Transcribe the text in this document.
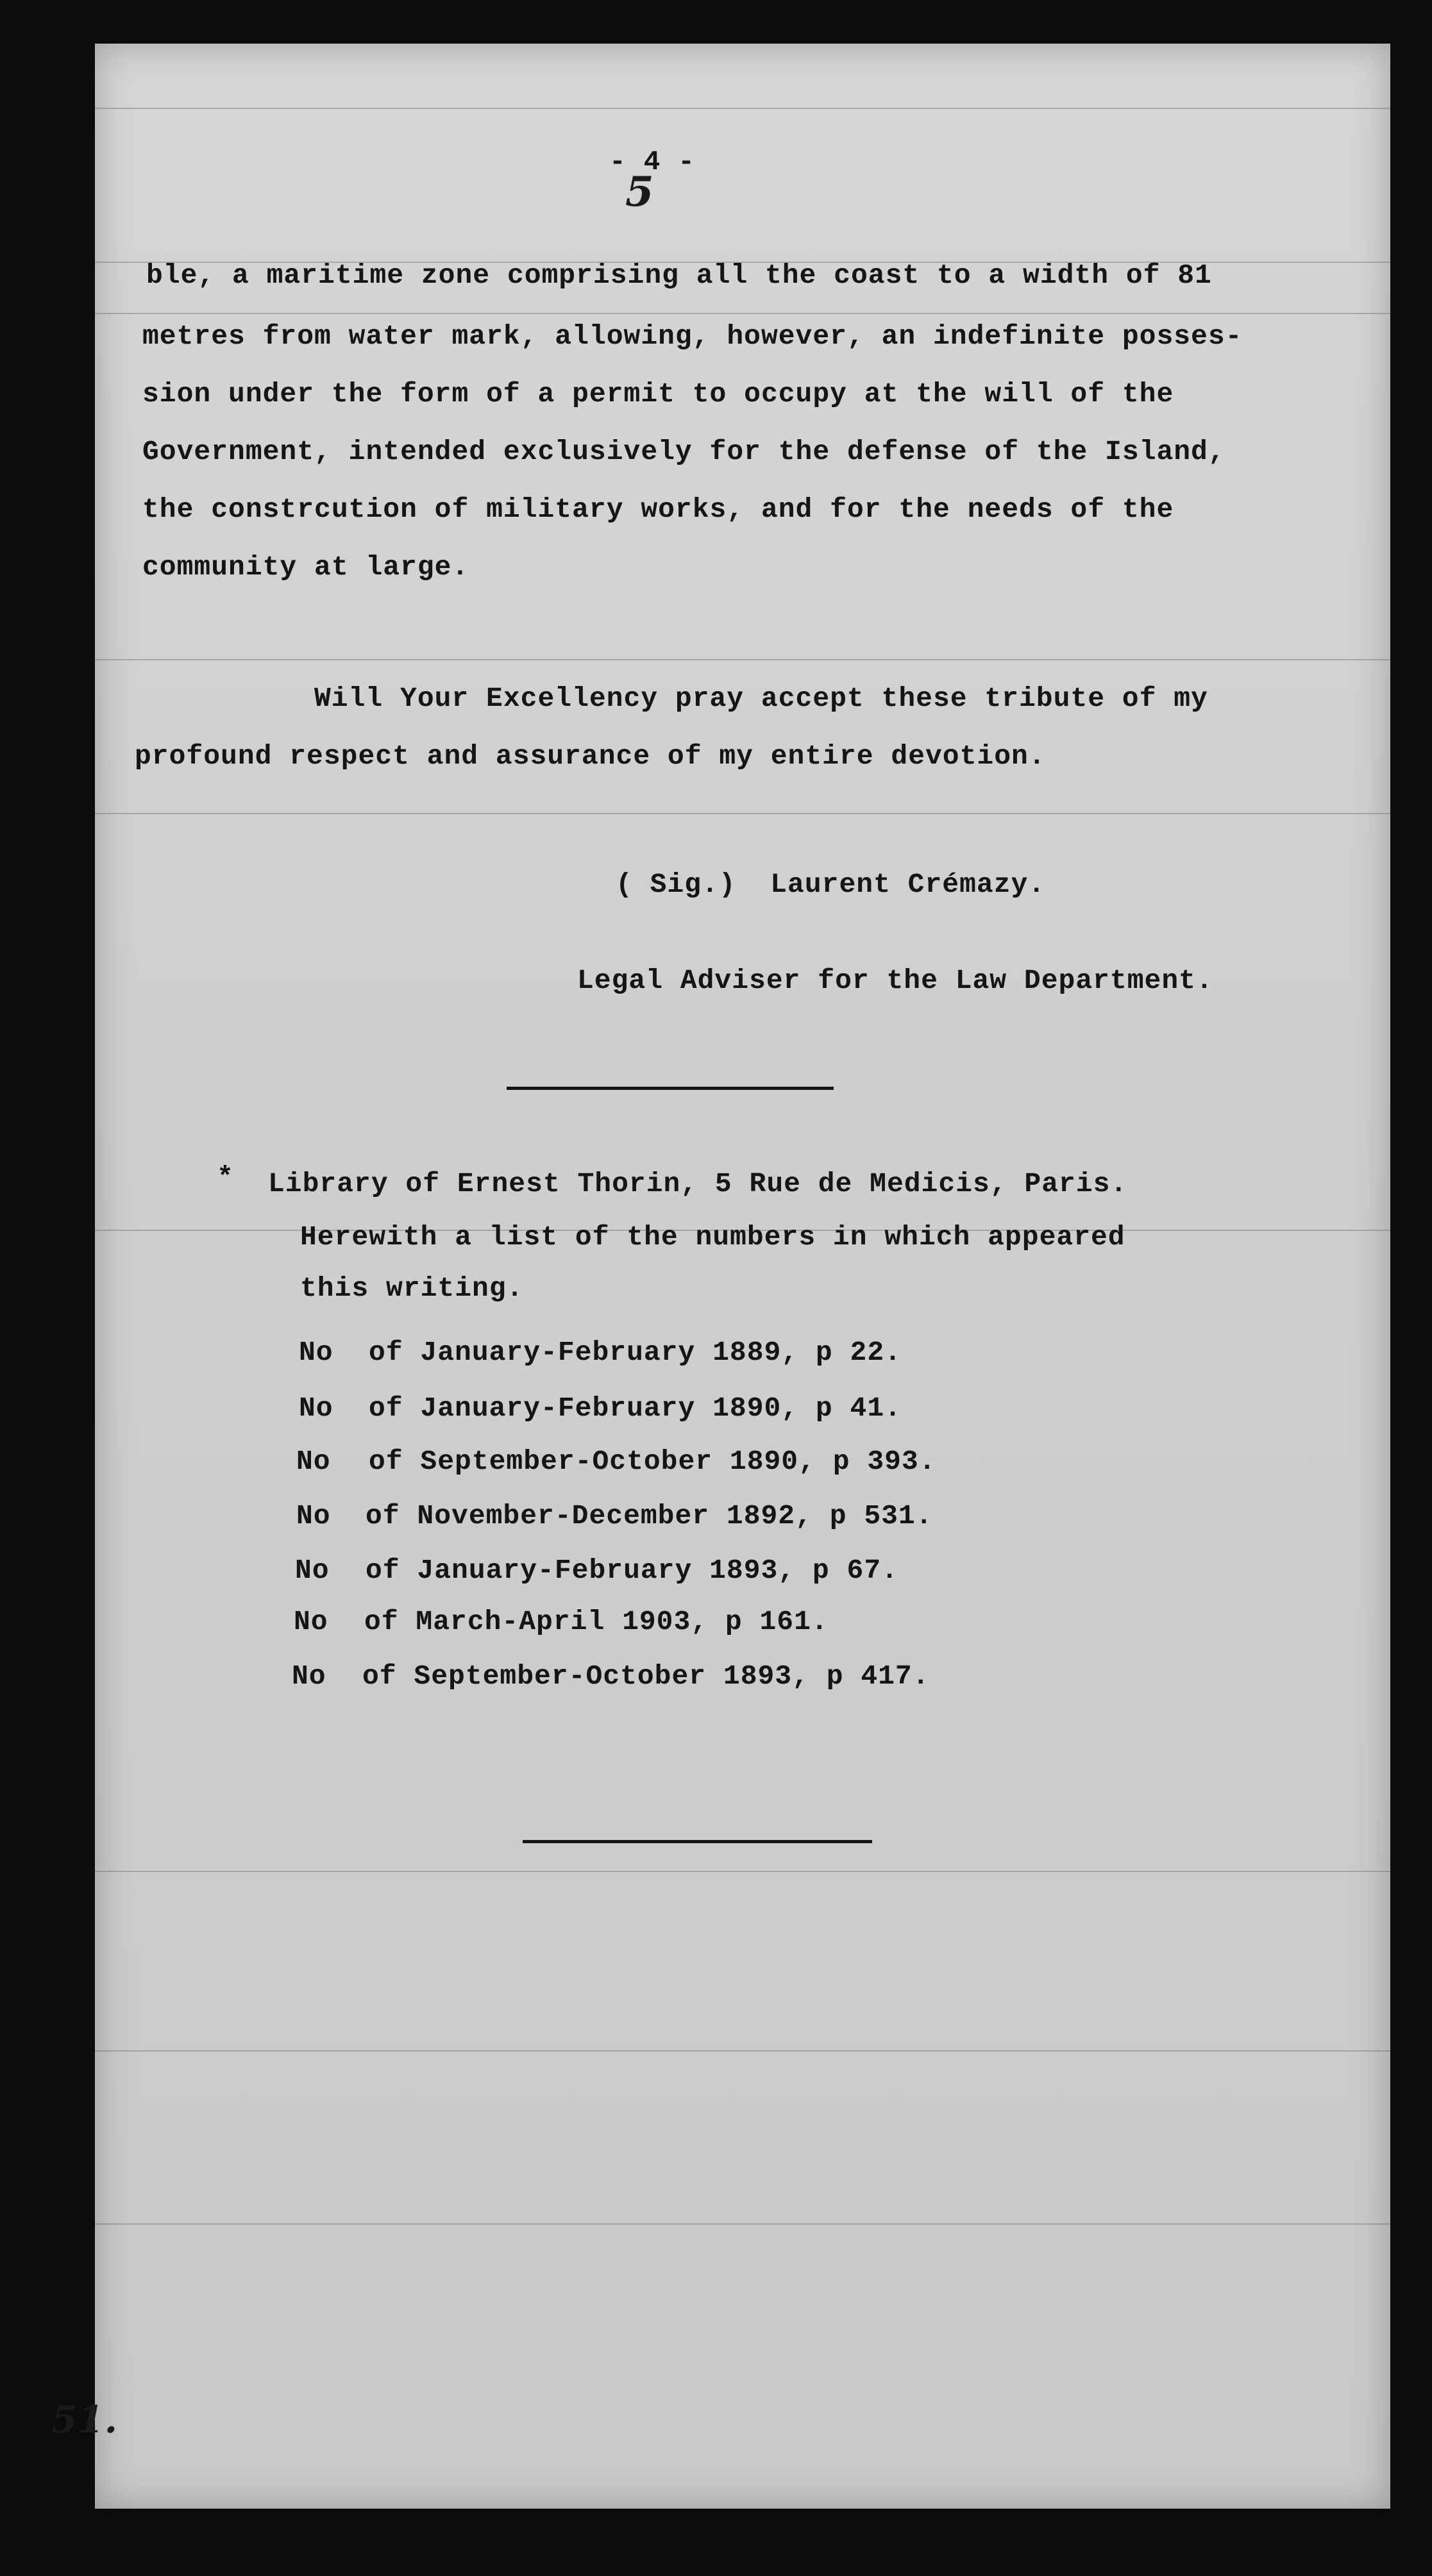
- 4 -

5

ble, a maritime zone comprising all the coast to a width of 81

metres from water mark, allowing, however, an indefinite posses-

sion under the form of a permit to occupy at the will of the

Government, intended exclusively for the defense of the Island,

the constrcution of military works, and for the needs of the

community at large.

Will Your Excellency pray accept these tribute of my

profound respect and assurance of my entire devotion.

( Sig.)  Laurent Crémazy.

Legal Adviser for the Law Department.

*

Library of Ernest Thorin, 5 Rue de Medicis, Paris.

Herewith a list of the numbers in which appeared

this writing.

No

of January-February 1889, p 22.

No

of January-February 1890, p 41.

No

of September-October 1890, p 393.

No

of November-December 1892, p 531.

No

of January-February 1893, p 67.

No

of March-April 1903, p 161.

No

of September-October 1893, p 417.

51.
